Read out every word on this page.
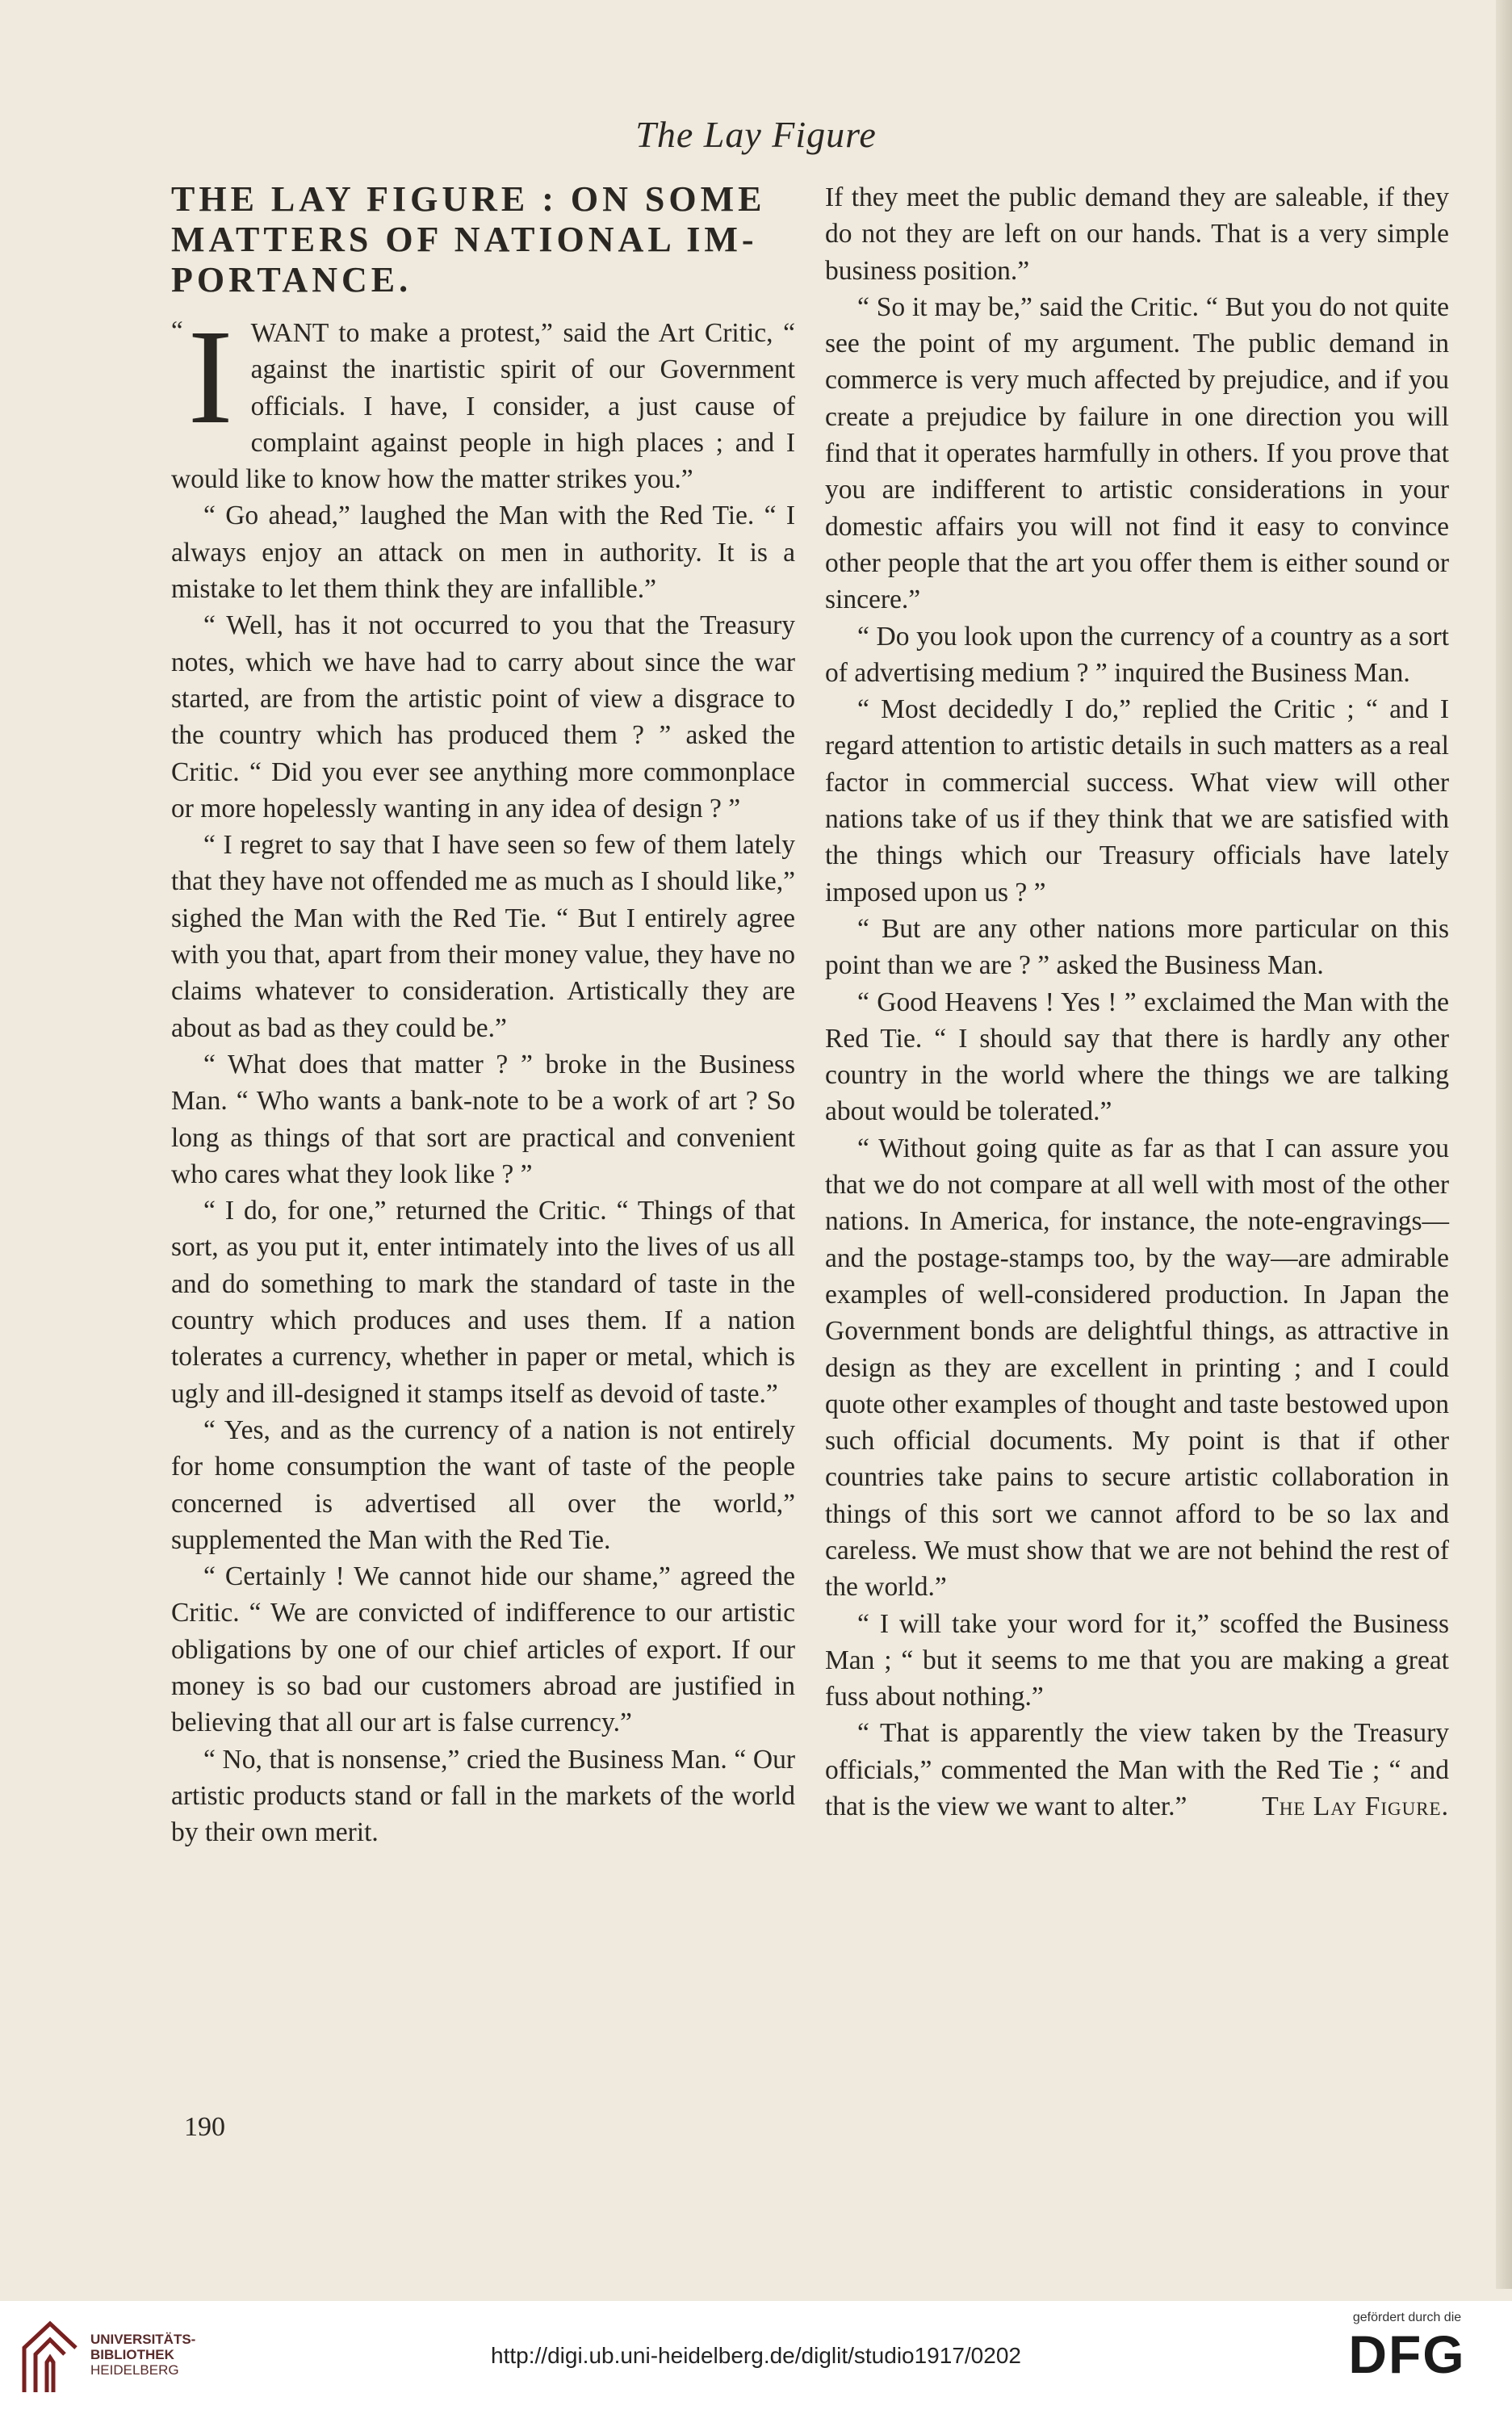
The Lay Figure
THE LAY FIGURE : ON SOME
MATTERS OF NATIONAL IM-
PORTANCE.

“ I WANT to make a protest,” said the Art Critic, “ against the inartistic spirit of our Government officials. I have, I consider, a just cause of complaint against people in high places ; and I would like to know how the matter strikes you.”

“ Go ahead,” laughed the Man with the Red Tie. “ I always enjoy an attack on men in authority. It is a mistake to let them think they are infallible.”

“ Well, has it not occurred to you that the Treasury notes, which we have had to carry about since the war started, are from the artistic point of view a disgrace to the country which has produced them ? ” asked the Critic. “ Did you ever see anything more commonplace or more hopelessly wanting in any idea of design ? ”

“ I regret to say that I have seen so few of them lately that they have not offended me as much as I should like,” sighed the Man with the Red Tie. “ But I entirely agree with you that, apart from their money value, they have no claims whatever to consideration. Artistically they are about as bad as they could be.”

“ What does that matter ? ” broke in the Business Man. “ Who wants a bank-note to be a work of art ? So long as things of that sort are practical and convenient who cares what they look like ? ”

“ I do, for one,” returned the Critic. “ Things of that sort, as you put it, enter intimately into the lives of us all and do something to mark the standard of taste in the country which produces and uses them. If a nation tolerates a currency, whether in paper or metal, which is ugly and ill-designed it stamps itself as devoid of taste.”

“ Yes, and as the currency of a nation is not entirely for home consumption the want of taste of the people concerned is advertised all over the world,” supplemented the Man with the Red Tie.

“ Certainly ! We cannot hide our shame,” agreed the Critic. “ We are convicted of indifference to our artistic obligations by one of our chief articles of export. If our money is so bad our customers abroad are justified in believing that all our art is false currency.”

“ No, that is nonsense,” cried the Business Man. “ Our artistic products stand or fall in the markets of the world by their own merit.

If they meet the public demand they are saleable, if they do not they are left on our hands. That is a very simple business position.”

“ So it may be,” said the Critic. “ But you do not quite see the point of my argument. The public demand in commerce is very much affected by prejudice, and if you create a prejudice by failure in one direction you will find that it operates harmfully in others. If you prove that you are indifferent to artistic considerations in your domestic affairs you will not find it easy to convince other people that the art you offer them is either sound or sincere.”

“ Do you look upon the currency of a country as a sort of advertising medium ? ” inquired the Business Man.

“ Most decidedly I do,” replied the Critic ; “ and I regard attention to artistic details in such matters as a real factor in commercial success. What view will other nations take of us if they think that we are satisfied with the things which our Treasury officials have lately imposed upon us ? ”

“ But are any other nations more particular on this point than we are ? ” asked the Business Man.

“ Good Heavens ! Yes ! ” exclaimed the Man with the Red Tie. “ I should say that there is hardly any other country in the world where the things we are talking about would be tolerated.”

“ Without going quite as far as that I can assure you that we do not compare at all well with most of the other nations. In America, for instance, the note-engravings—and the postage-stamps too, by the way—are admirable examples of well-considered production. In Japan the Government bonds are delightful things, as attractive in design as they are excellent in printing ; and I could quote other examples of thought and taste bestowed upon such official documents. My point is that if other countries take pains to secure artistic collaboration in things of this sort we cannot afford to be so lax and careless. We must show that we are not behind the rest of the world.”

“ I will take your word for it,” scoffed the Business Man ; “ but it seems to me that you are making a great fuss about nothing.”

“ That is apparently the view taken by the Treasury officials,” commented the Man with the Red Tie ; “ and that is the view we want to alter.”	The Lay Figure.

190
UNIVERSITÄTS-
BIBLIOTHEK
HEIDELBERG
http://digi.ub.uni-heidelberg.de/diglit/studio1917/0202
gefördert durch die
DFG
